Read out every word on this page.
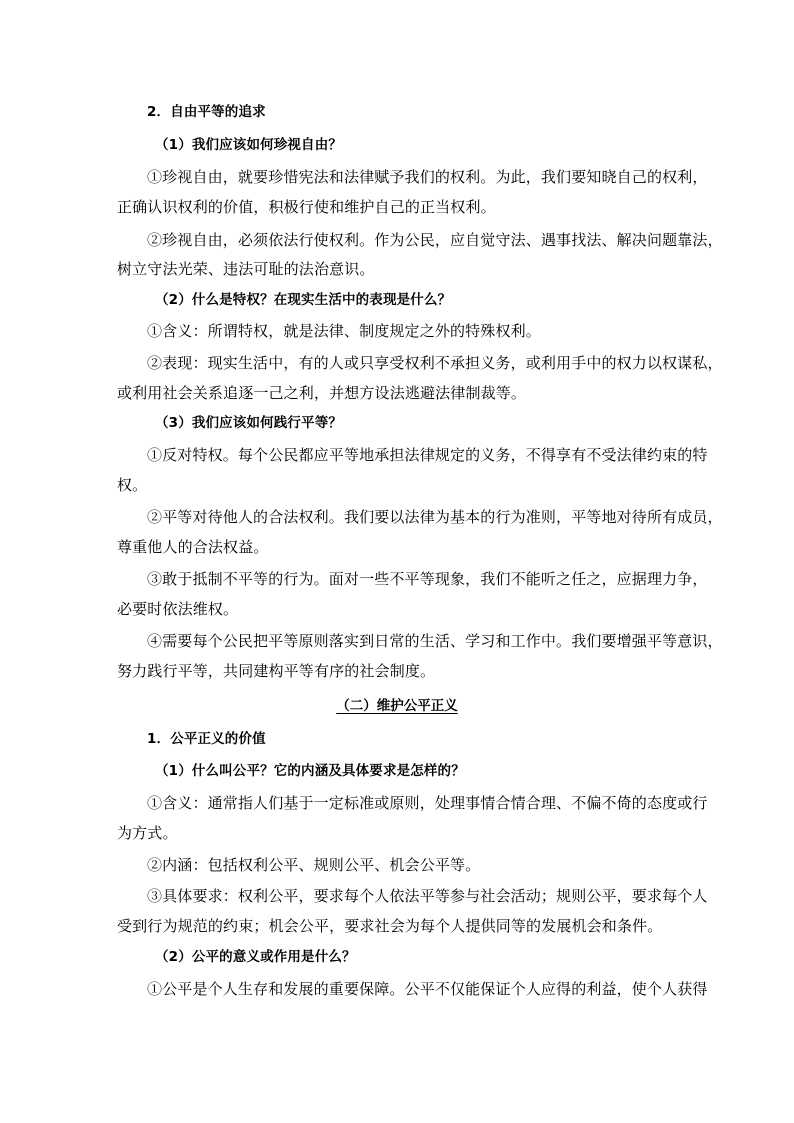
2．自由平等的追求
（1）我们应该如何珍视自由？
①珍视自由，就要珍惜宪法和法律赋予我们的权利。为此，我们要知晓自己的权利，
正确认识权利的价值，积极行使和维护自己的正当权利。
②珍视自由，必须依法行使权利。作为公民，应自觉守法、遇事找法、解决问题靠法，
树立守法光荣、违法可耻的法治意识。
（2）什么是特权？在现实生活中的表现是什么？
①含义：所谓特权，就是法律、制度规定之外的特殊权利。
②表现：现实生活中，有的人或只享受权利不承担义务，或利用手中的权力以权谋私，
或利用社会关系追逐一己之利，并想方设法逃避法律制裁等。
（3）我们应该如何践行平等？
①反对特权。每个公民都应平等地承担法律规定的义务，不得享有不受法律约束的特
权。
②平等对待他人的合法权利。我们要以法律为基本的行为准则，平等地对待所有成员，
尊重他人的合法权益。
③敢于抵制不平等的行为。面对一些不平等现象，我们不能听之任之，应据理力争，
必要时依法维权。
④需要每个公民把平等原则落实到日常的生活、学习和工作中。我们要增强平等意识，
努力践行平等，共同建构平等有序的社会制度。
（二）维护公平正义
1．公平正义的价值
（1）什么叫公平？它的内涵及具体要求是怎样的？
①含义：通常指人们基于一定标准或原则，处理事情合情合理、不偏不倚的态度或行
为方式。
②内涵：包括权利公平、规则公平、机会公平等。
③具体要求：权利公平，要求每个人依法平等参与社会活动；规则公平，要求每个人
受到行为规范的约束；机会公平，要求社会为每个人提供同等的发展机会和条件。
（2）公平的意义或作用是什么？
①公平是个人生存和发展的重要保障。公平不仅能保证个人应得的利益，使个人获得
